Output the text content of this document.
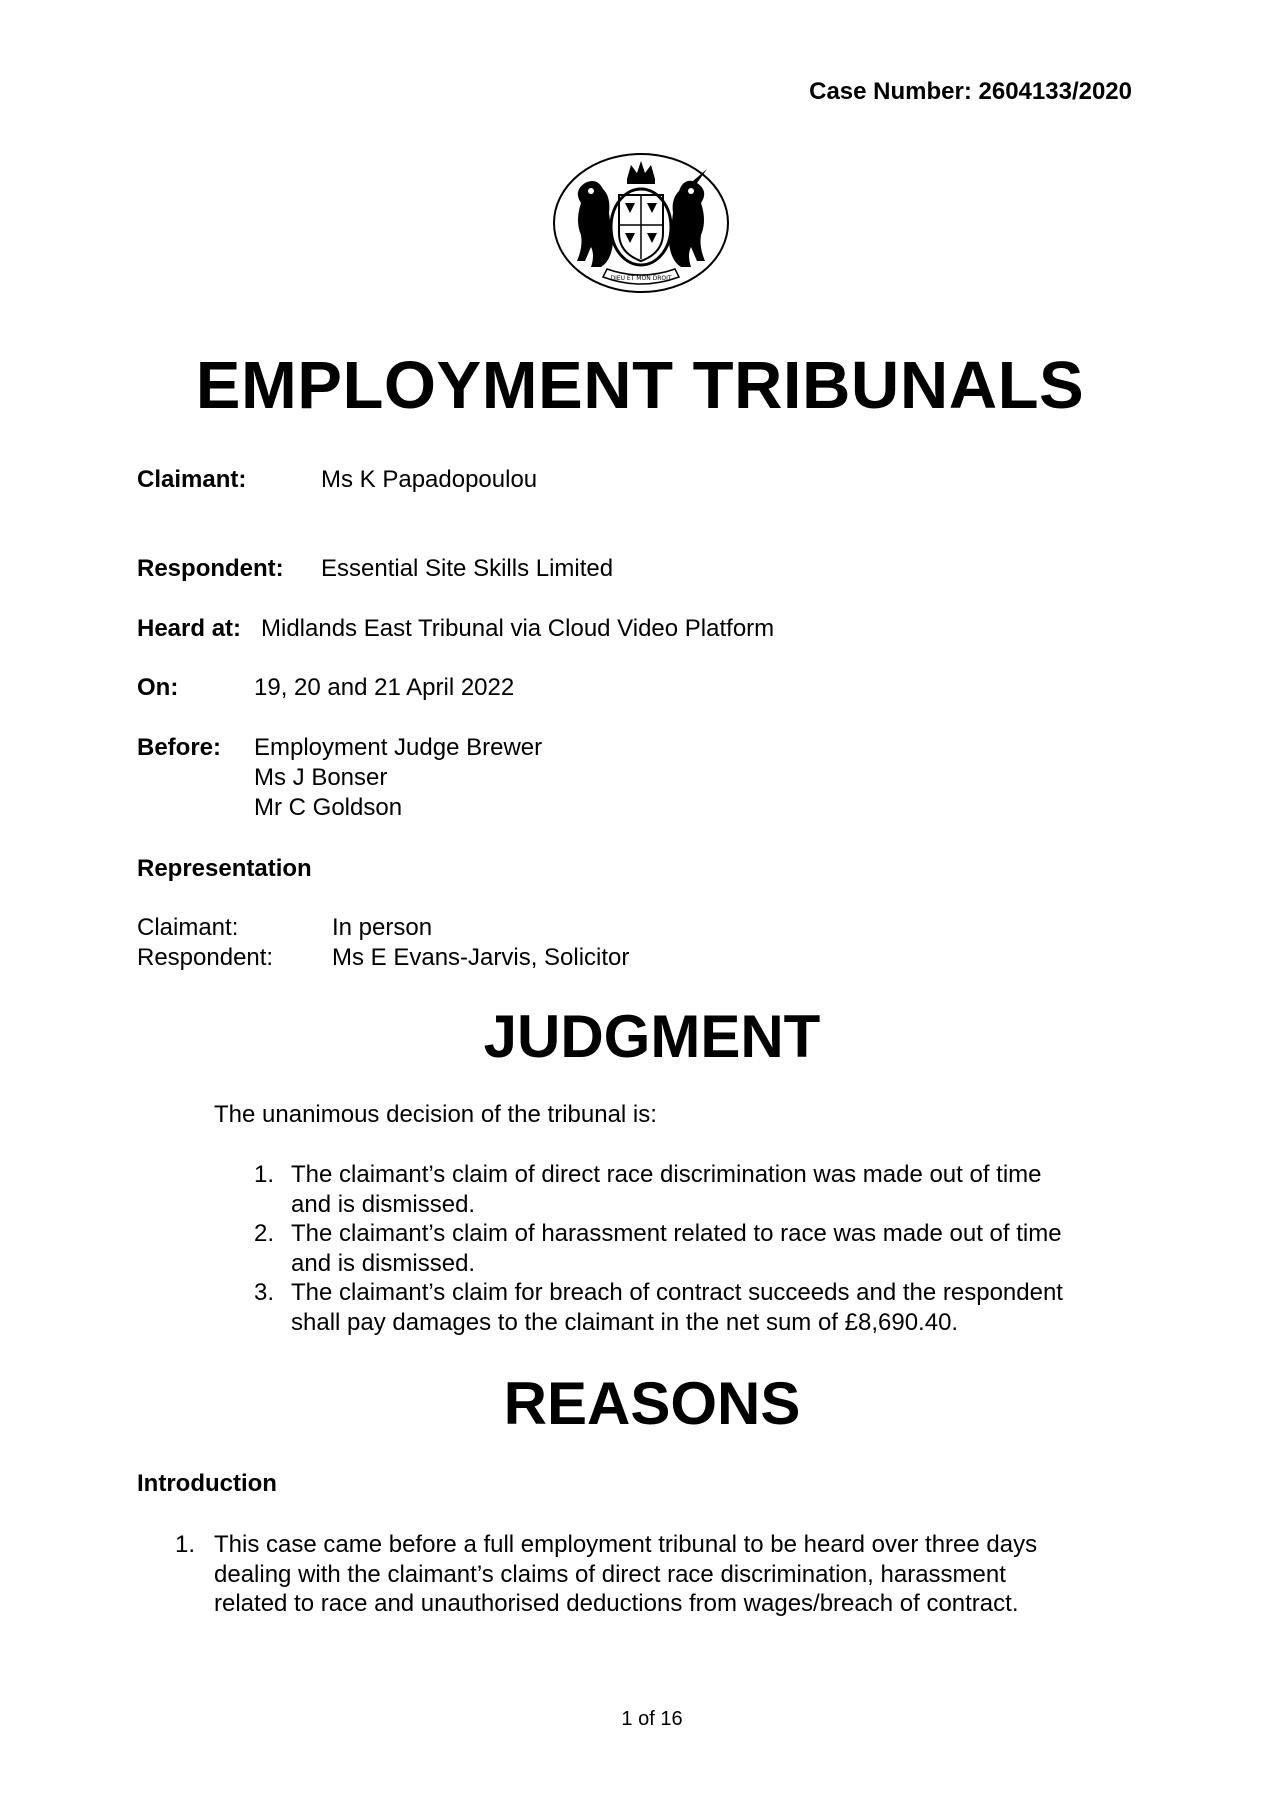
Case Number: 2604133/2020
DIEU ET MON DROIT
EMPLOYMENT TRIBUNALS
Claimant:	Ms K Papadopoulou
Respondent: Essential Site Skills Limited
Heard at: Midlands East Tribunal via Cloud Video Platform
On:	19, 20 and 21 April 2022
Before: Employment Judge Brewer
Ms J Bonser
Mr C Goldson
Representation
Claimant:	In person
Respondent: Ms E Evans-Jarvis, Solicitor
JUDGMENT
The unanimous decision of the tribunal is:
1. The claimant’s claim of direct race discrimination was made out of time
and is dismissed.
2. The claimant’s claim of harassment related to race was made out of time
and is dismissed.
3. The claimant’s claim for breach of contract succeeds and the respondent
shall pay damages to the claimant in the net sum of £8,690.40.
REASONS
Introduction
1. This case came before a full employment tribunal to be heard over three days
dealing with the claimant’s claims of direct race discrimination, harassment
related to race and unauthorised deductions from wages/breach of contract.
1 of 16
